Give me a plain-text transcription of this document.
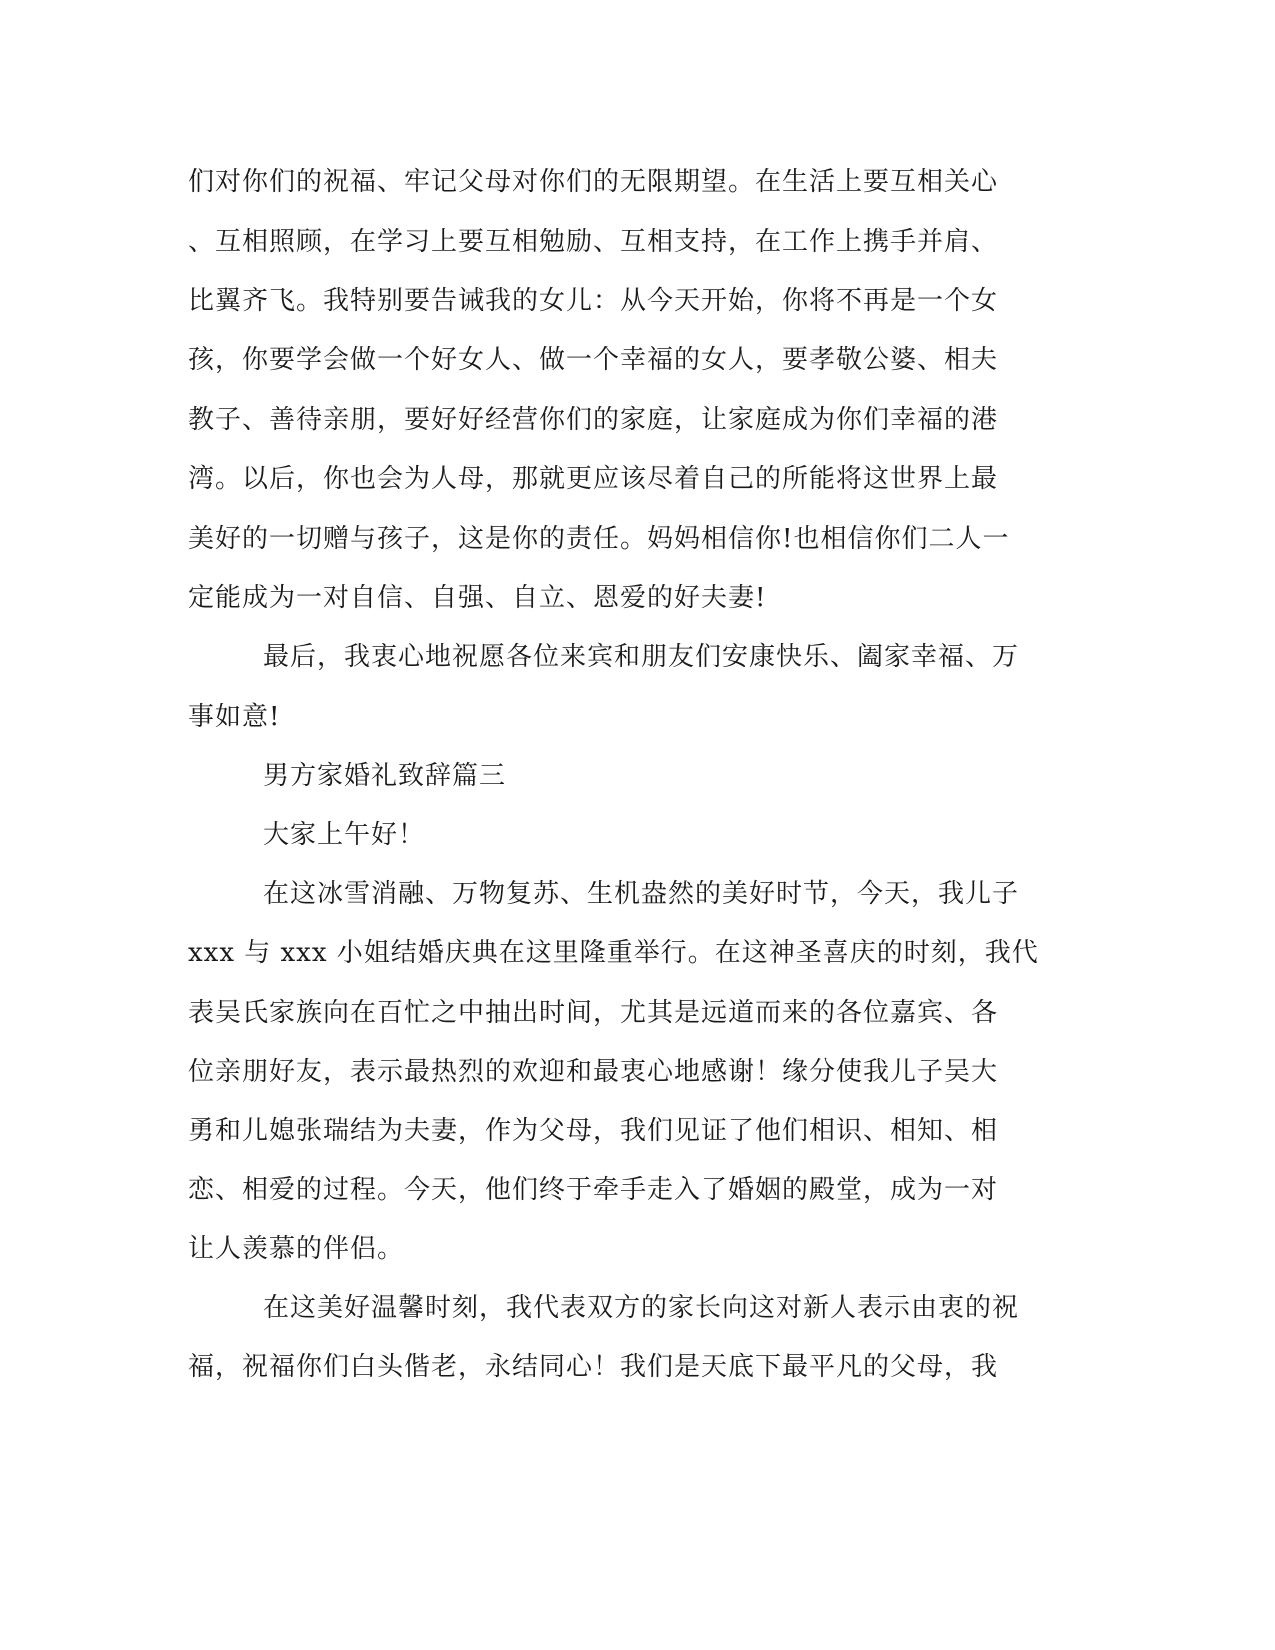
们对你们的祝福、牢记父母对你们的无限期望。在生活上要互相关心
、互相照顾，在学习上要互相勉励、互相支持，在工作上携手并肩、
比翼齐飞。我特别要告诫我的女儿：从今天开始，你将不再是一个女
孩，你要学会做一个好女人、做一个幸福的女人，要孝敬公婆、相夫
教子、善待亲朋，要好好经营你们的家庭，让家庭成为你们幸福的港
湾。以后，你也会为人母，那就更应该尽着自己的所能将这世界上最
美好的一切赠与孩子，这是你的责任。妈妈相信你!也相信你们二人一
定能成为一对自信、自强、自立、恩爱的好夫妻!
最后，我衷心地祝愿各位来宾和朋友们安康快乐、阖家幸福、万
事如意!
男方家婚礼致辞篇三
大家上午好！
在这冰雪消融、万物复苏、生机盎然的美好时节，今天，我儿子
xxx 与 xxx 小姐结婚庆典在这里隆重举行。在这神圣喜庆的时刻，我代
表吴氏家族向在百忙之中抽出时间，尤其是远道而来的各位嘉宾、各
位亲朋好友，表示最热烈的欢迎和最衷心地感谢！缘分使我儿子吴大
勇和儿媳张瑞结为夫妻，作为父母，我们见证了他们相识、相知、相
恋、相爱的过程。今天，他们终于牵手走入了婚姻的殿堂，成为一对
让人羡慕的伴侣。
在这美好温馨时刻，我代表双方的家长向这对新人表示由衷的祝
福，祝福你们白头偕老，永结同心！我们是天底下最平凡的父母，我
